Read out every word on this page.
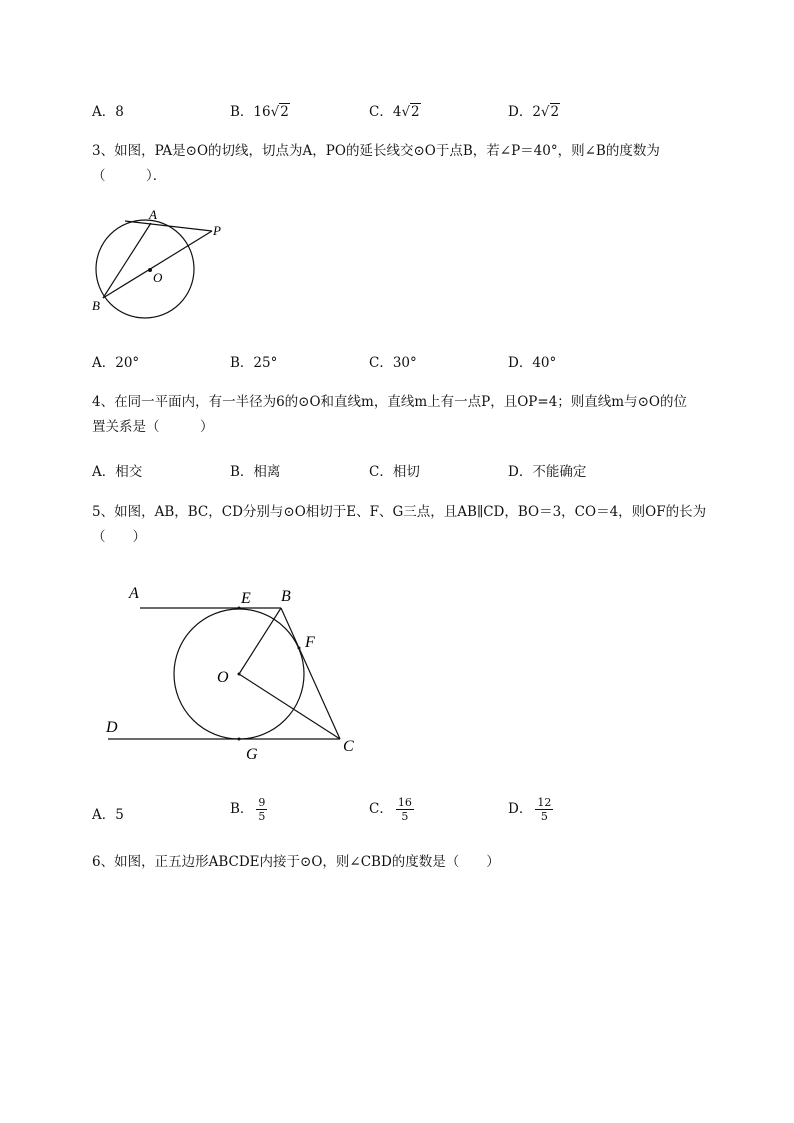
A．8	B．16√2	C．4√2	D．2√2
3、如图，PA是⊙O的切线，切点为A，PO的延长线交⊙O于点B，若∠P＝40°，则∠B的度数为
（　　　）．
A
P
O
B
A．20°	B．25°	C．30°	D．40°
4、在同一平面内，有一半径为6的⊙O和直线m，直线m上有一点P，且OP=4；则直线m与⊙O的位
置关系是（　　　）
A．相交	B．相离	C．相切	D．不能确定
5、如图，AB，BC，CD分别与⊙O相切于E、F、G三点，且AB∥CD，BO＝3，CO＝4，则OF的长为
（　　）
A	E B
F
O
D
G	C
A．5	B． $\frac{9}{5}$	C． $\frac{16}{5}$	D． $\frac{12}{5}$
6、如图，正五边形ABCDE内接于⊙O，则∠CBD的度数是（　　）
